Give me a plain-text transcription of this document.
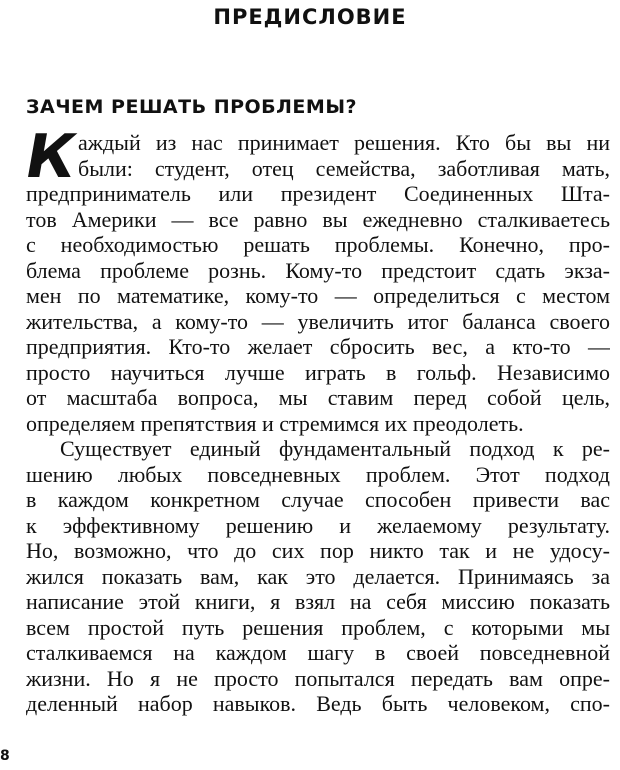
ПРЕДИСЛОВИЕ
ЗАЧЕМ РЕШАТЬ ПРОБЛЕМЫ?
К
аждый из нас принимает решения. Кто бы вы ни
были: студент, отец семейства, заботливая мать,
предприниматель или президент Соединенных Шта-
тов Америки — все равно вы ежедневно сталкиваетесь
с необходимостью решать проблемы. Конечно, про-
блема проблеме рознь. Кому-то предстоит сдать экза-
мен по математике, кому-то — определиться с местом
жительства, а кому-то — увеличить итог баланса своего
предприятия. Кто-то желает сбросить вес, а кто-то —
просто научиться лучше играть в гольф. Независимо
от масштаба вопроса, мы ставим перед собой цель,
определяем препятствия и стремимся их преодолеть.
Существует единый фундаментальный подход к ре-
шению любых повседневных проблем. Этот подход
в каждом конкретном случае способен привести вас
к эффективному решению и желаемому результату.
Но, возможно, что до сих пор никто так и не удосу-
жился показать вам, как это делается. Принимаясь за
написание этой книги, я взял на себя миссию показать
всем простой путь решения проблем, с которыми мы
сталкиваемся на каждом шагу в своей повседневной
жизни. Но я не просто попытался передать вам опре-
деленный набор навыков. Ведь быть человеком, спо-
8
